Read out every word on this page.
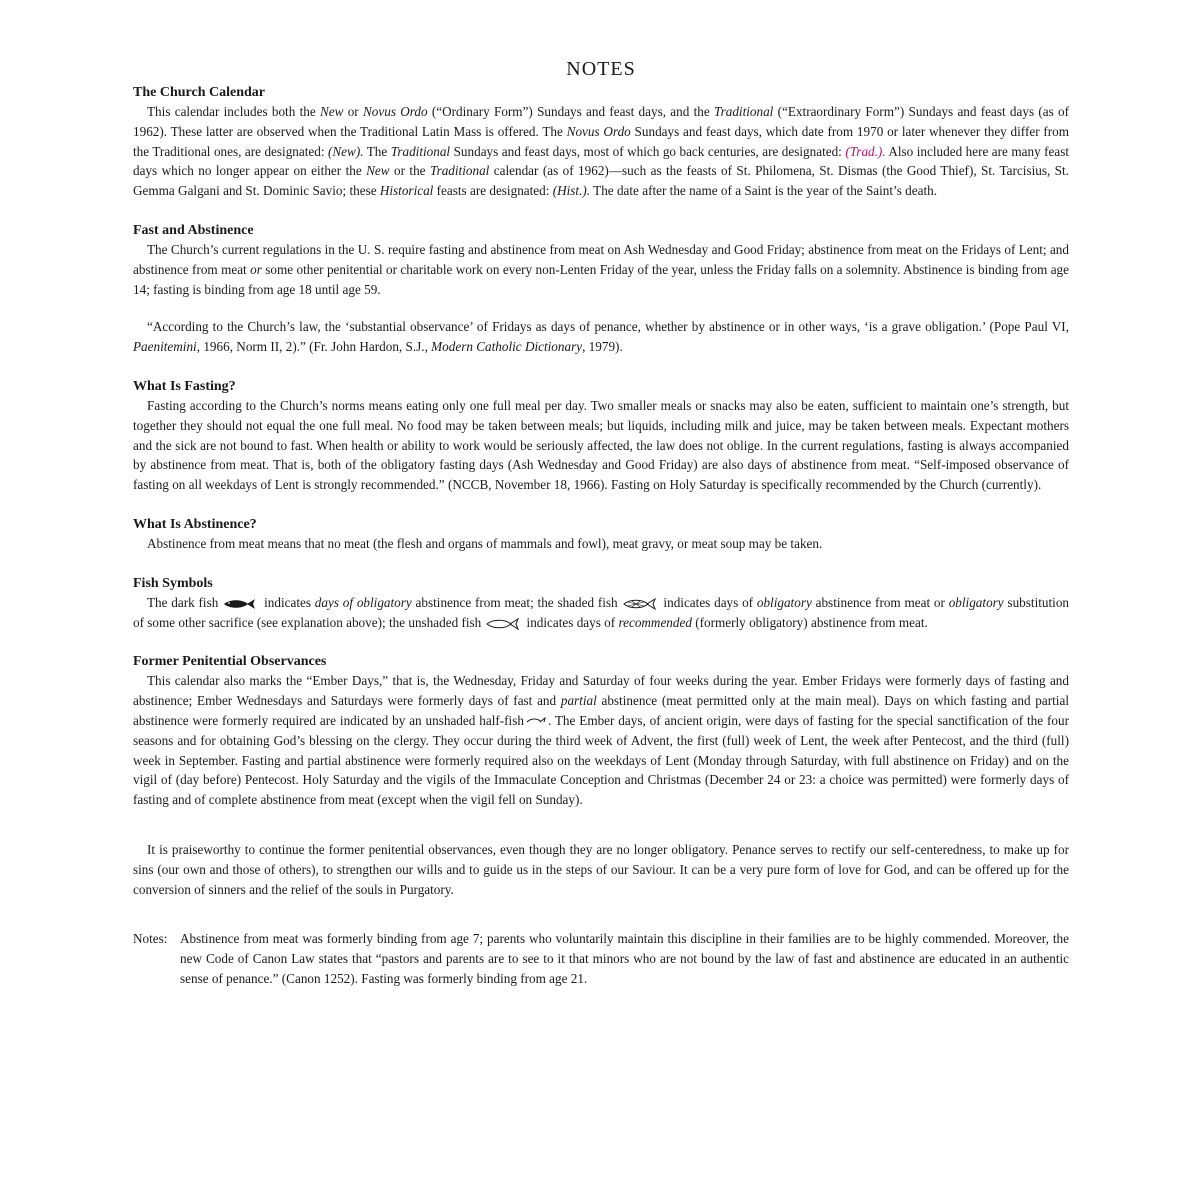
NOTES

The Church Calendar

This calendar includes both the New or Novus Ordo (“Ordinary Form”) Sundays and feast days, and the Traditional (“Extraordinary Form”) Sundays and feast days (as of 1962). These latter are observed when the Traditional Latin Mass is offered. The Novus Ordo Sundays and feast days, which date from 1970 or later whenever they differ from the Traditional ones, are designated: (New). The Traditional Sundays and feast days, most of which go back centuries, are designated: (Trad.). Also included here are many feast days which no longer appear on either the New or the Traditional calendar (as of 1962)—such as the feasts of St. Philomena, St. Dismas (the Good Thief), St. Tarcisius, St. Gemma Galgani and St. Dominic Savio; these Historical feasts are designated: (Hist.). The date after the name of a Saint is the year of the Saint’s death.

Fast and Abstinence

The Church’s current regulations in the U. S. require fasting and abstinence from meat on Ash Wednesday and Good Friday; abstinence from meat on the Fridays of Lent; and abstinence from meat or some other penitential or charitable work on every non-Lenten Friday of the year, unless the Friday falls on a solemnity. Abstinence is binding from age 14; fasting is binding from age 18 until age 59.

“According to the Church’s law, the ‘substantial observance’ of Fridays as days of penance, whether by abstinence or in other ways, ‘is a grave obligation.’ (Pope Paul VI, Paenitemini, 1966, Norm II, 2).” (Fr. John Hardon, S.J., Modern Catholic Dictionary, 1979).

What Is Fasting?

Fasting according to the Church’s norms means eating only one full meal per day. Two smaller meals or snacks may also be eaten, sufficient to maintain one’s strength, but together they should not equal the one full meal. No food may be taken between meals; but liquids, including milk and juice, may be taken between meals. Expectant mothers and the sick are not bound to fast. When health or ability to work would be seriously affected, the law does not oblige. In the current regulations, fasting is always accompanied by abstinence from meat. That is, both of the obligatory fasting days (Ash Wednesday and Good Friday) are also days of abstinence from meat. “Self-imposed observance of fasting on all weekdays of Lent is strongly recommended.” (NCCB, November 18, 1966). Fasting on Holy Saturday is specifically recommended by the Church (currently).

What Is Abstinence?

Abstinence from meat means that no meat (the flesh and organs of mammals and fowl), meat gravy, or meat soup may be taken.

Fish Symbols

The dark fish	indicates days of obligatory abstinence from meat; the shaded fish	indicates days of obligatory abstinence from meat or obligatory substitution of some other sacrifice (see explanation above); the unshaded fish	indicates days of recommended (formerly obligatory) abstinence from meat.

Former Penitential Observances

This calendar also marks the “Ember Days,” that is, the Wednesday, Friday and Saturday of four weeks during the year. Ember Fridays were formerly days of fasting and abstinence; Ember Wednesdays and Saturdays were formerly days of fast and partial abstinence (meat permitted only at the main meal). Days on which fasting and partial abstinence were formerly required are indicated by an unshaded half-fish . The Ember days, of ancient origin, were days of fasting for the special sanctification of the four seasons and for obtaining God’s blessing on the clergy. They occur during the third week of Advent, the first (full) week of Lent, the week after Pentecost, and the third (full) week in September. Fasting and partial abstinence were formerly required also on the weekdays of Lent (Monday through Saturday, with full abstinence on Friday) and on the vigil of (day before) Pentecost. Holy Saturday and the vigils of the Immaculate Conception and Christmas (December 24 or 23: a choice was permitted) were formerly days of fasting and of complete abstinence from meat (except when the vigil fell on Sunday).

It is praiseworthy to continue the former penitential observances, even though they are no longer obligatory. Penance serves to rectify our self-centeredness, to make up for sins (our own and those of others), to strengthen our wills and to guide us in the steps of our Saviour. It can be a very pure form of love for God, and can be offered up for the conversion of sinners and the relief of the souls in Purgatory.

Notes: Abstinence from meat was formerly binding from age 7; parents who voluntarily maintain this discipline in their families are to be highly commended. Moreover, the new Code of Canon Law states that “pastors and parents are to see to it that minors who are not bound by the law of fast and abstinence are educated in an authentic sense of penance.” (Canon 1252). Fasting was formerly binding from age 21.
